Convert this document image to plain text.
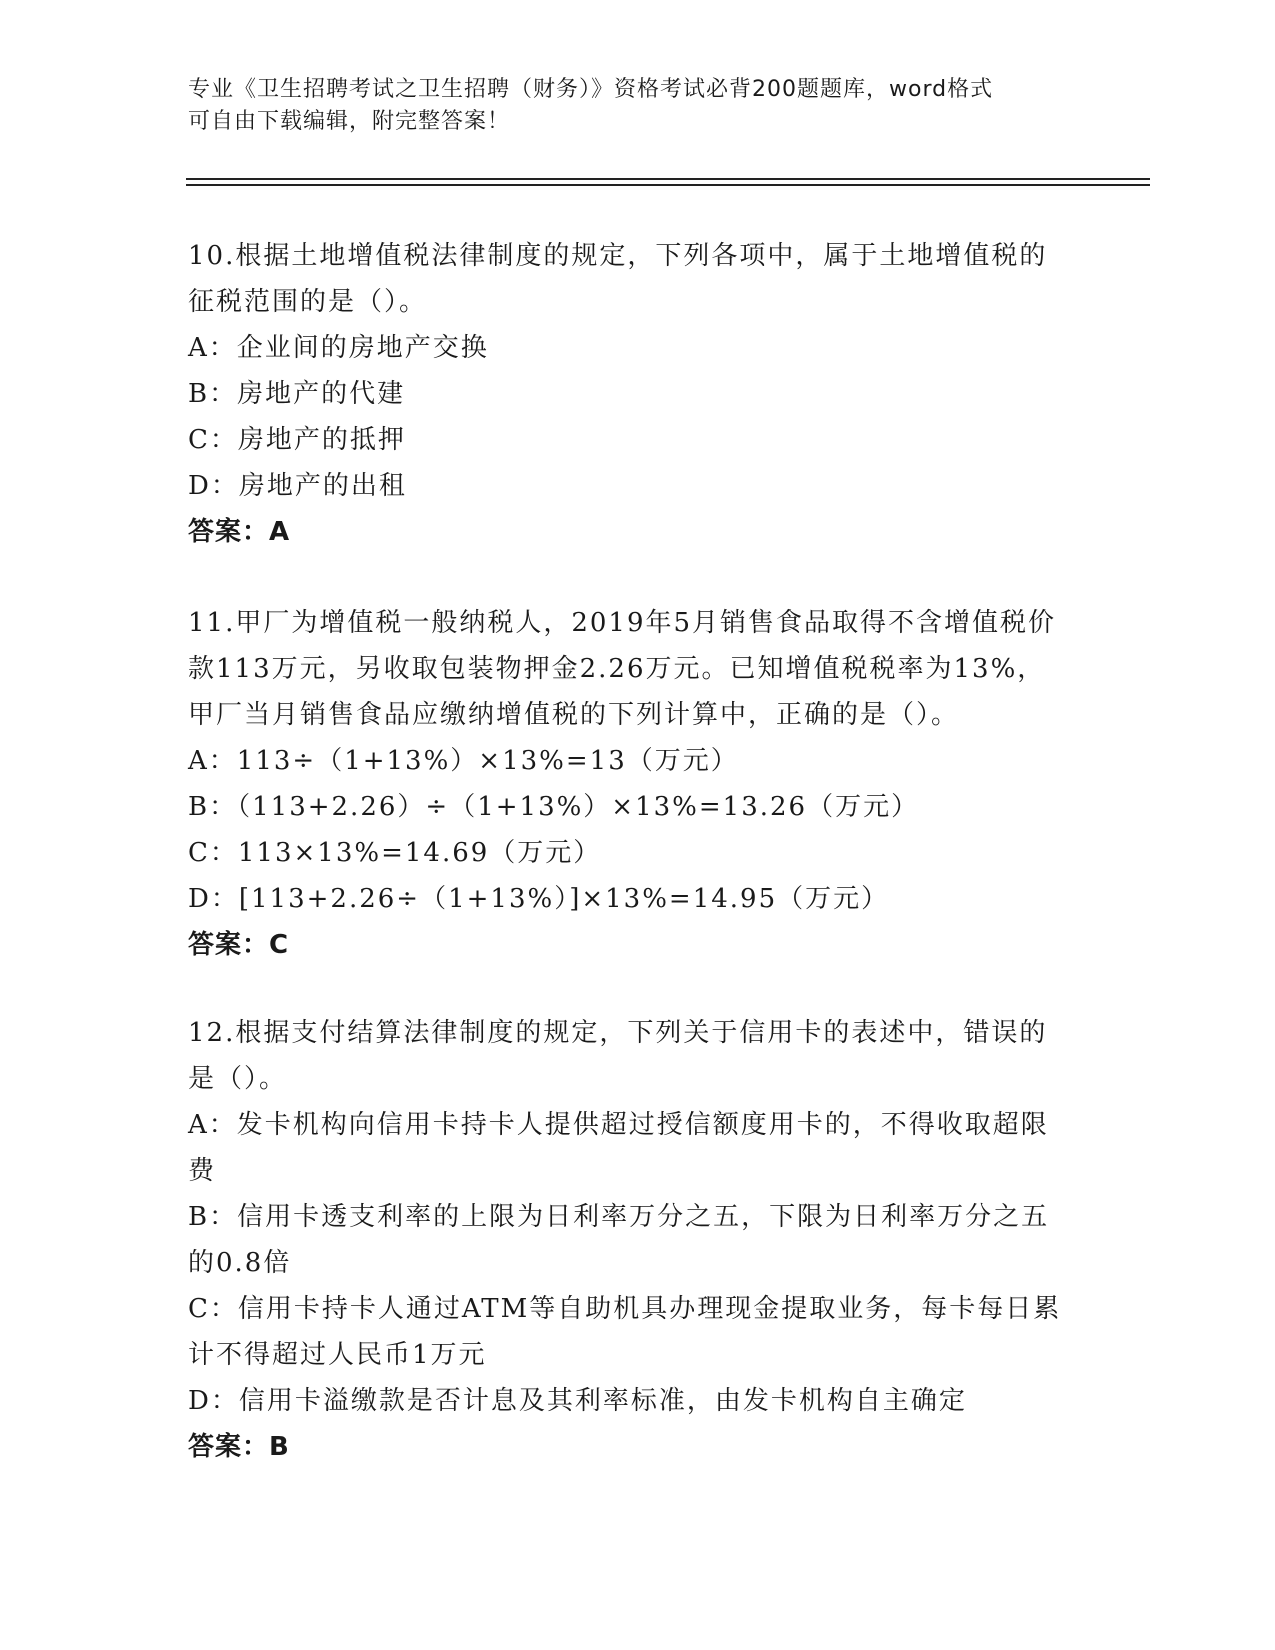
专业《卫生招聘考试之卫生招聘（财务）》资格考试必背200题题库，word格式
可自由下载编辑，附完整答案！
10.根据土地增值税法律制度的规定，下列各项中，属于土地增值税的
征税范围的是（）。
A：企业间的房地产交换
B：房地产的代建
C：房地产的抵押
D：房地产的出租
答案：A
11.甲厂为增值税一般纳税人，2019年5月销售食品取得不含增值税价
款113万元，另收取包装物押金2.26万元。已知增值税税率为13%，
甲厂当月销售食品应缴纳增值税的下列计算中，正确的是（）。
A：113÷（1+13%）×13%=13（万元）
B：（113+2.26）÷（1+13%）×13%=13.26（万元）
C：113×13%=14.69（万元）
D：[113+2.26÷（1+13%）]×13%=14.95（万元）
答案：C
12.根据支付结算法律制度的规定，下列关于信用卡的表述中，错误的
是（）。
A：发卡机构向信用卡持卡人提供超过授信额度用卡的，不得收取超限
费
B：信用卡透支利率的上限为日利率万分之五，下限为日利率万分之五
的0.8倍
C：信用卡持卡人通过ATM等自助机具办理现金提取业务，每卡每日累
计不得超过人民币1万元
D：信用卡溢缴款是否计息及其利率标准，由发卡机构自主确定
答案：B
